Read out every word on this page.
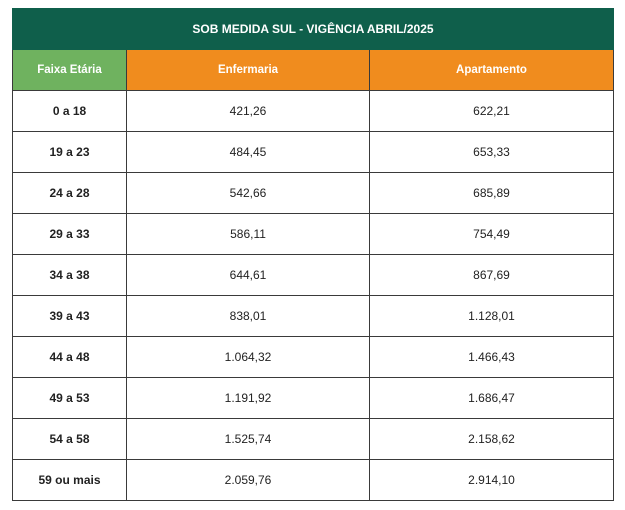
SOB MEDIDA SUL - VIGÊNCIA ABRIL/2025		
Faixa Etária	Enfermaria	Apartamento
0 a 18	421,26	622,21
19 a 23	484,45	653,33
24 a 28	542,66	685,89
29 a 33	586,11	754,49
34 a 38	644,61	867,69
39 a 43	838,01	1.128,01
44 a 48	1.064,32	1.466,43
49 a 53	1.191,92	1.686,47
54 a 58	1.525,74	2.158,62
59 ou mais	2.059,76	2.914,10
